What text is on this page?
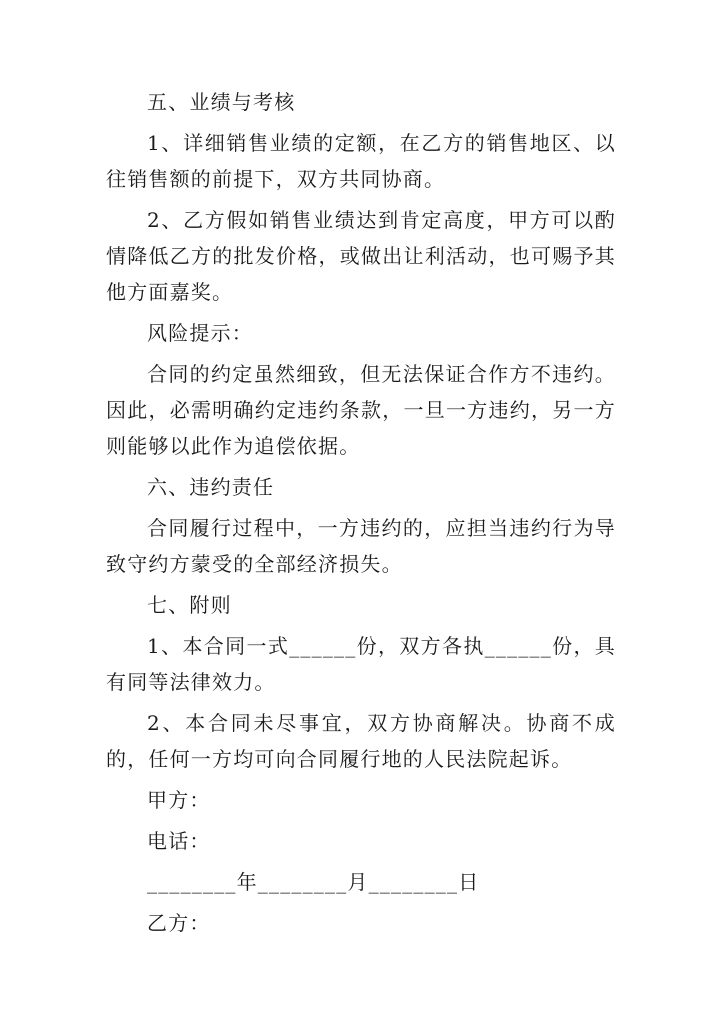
五、业绩与考核

1、详细销售业绩的定额，在乙方的销售地区、以往销售额的前提下，双方共同协商。

2、乙方假如销售业绩达到肯定高度，甲方可以酌情降低乙方的批发价格，或做出让利活动，也可赐予其他方面嘉奖。

风险提示：

合同的约定虽然细致，但无法保证合作方不违约。因此，必需明确约定违约条款，一旦一方违约，另一方则能够以此作为追偿依据。

六、违约责任

合同履行过程中，一方违约的，应担当违约行为导致守约方蒙受的全部经济损失。

七、附则

1、本合同一式______份，双方各执______份，具有同等法律效力。

2、本合同未尽事宜，双方协商解决。协商不成的，任何一方均可向合同履行地的人民法院起诉。

甲方：

电话：

________年________月________日

乙方：
